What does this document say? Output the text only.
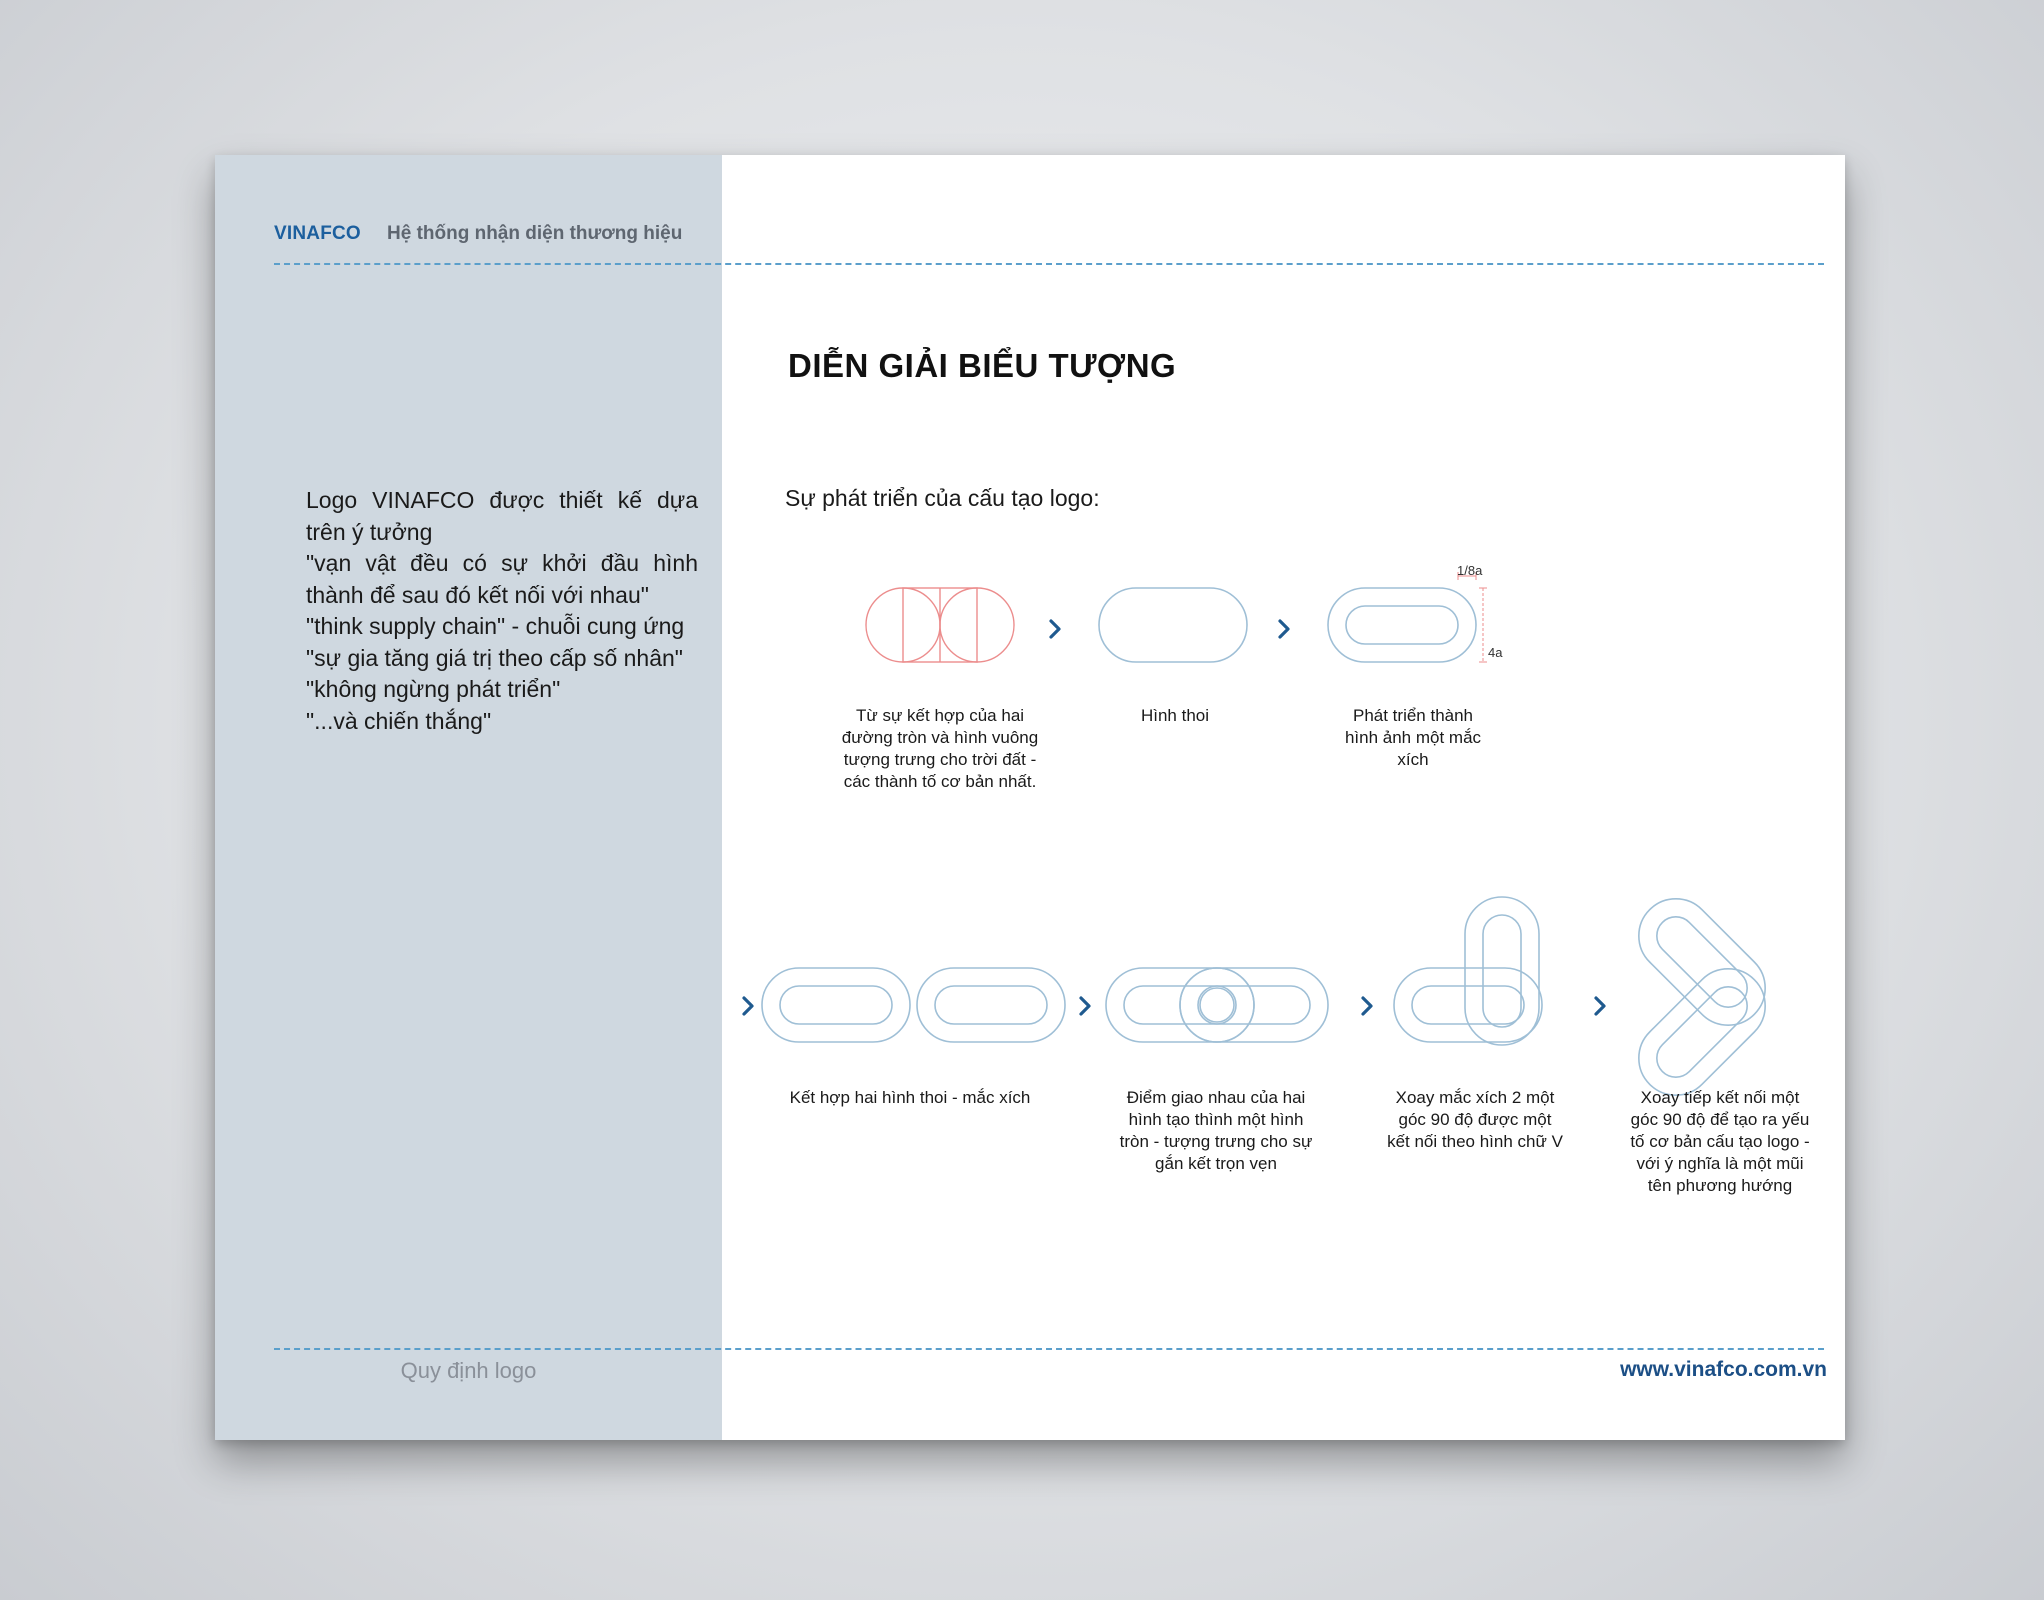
VINAFCO Hệ thống nhận diện thương hiệu
Logo VINAFCO được thiết kế dựa
trên ý tưởng
"vạn vật đều có sự khởi đầu hình
thành để sau đó kết nối với nhau"
"think supply chain" - chuỗi cung ứng
"sự gia tăng giá trị theo cấp số nhân"
"không ngừng phát triển"
"...và chiến thắng"
DIỄN GIẢI BIỂU TƯỢNG
Sự phát triển của cấu tạo logo:
1/8a
4a
Từ sự kết hợp của hai
đường tròn và hình vuông
tượng trưng cho trời đất -
các thành tố cơ bản nhất.
Hình thoi	Phát triển thành
hình ảnh một mắc
xích
Kết hợp hai hình thoi - mắc xích	Điểm giao nhau của hai
hình tạo thình một hình
tròn - tượng trưng cho sự
gắn kết trọn vẹn
Xoay mắc xích 2 một
góc 90 độ được một
kết nối theo hình chữ V
Xoay tiếp kết nối một
góc 90 độ để tạo ra yếu
tố cơ bản cấu tạo logo -
với ý nghĩa là một mũi
tên phương hướng
Quy định logo	www.vinafco.com.vn
